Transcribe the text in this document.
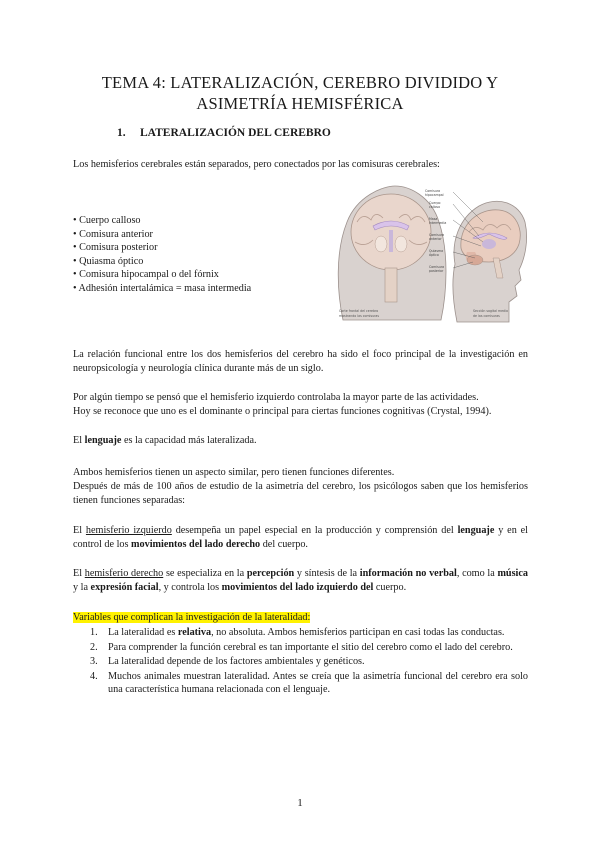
TEMA 4: LATERALIZACIÓN, CEREBRO DIVIDIDO Y
ASIMETRÍA HEMISFÉRICA
1. LATERALIZACIÓN DEL CEREBRO
Los hemisferios cerebrales están separados, pero conectados por las comisuras cerebrales:
• Cuerpo calloso
• Comisura anterior
• Comisura posterior
• Quiasma óptico
• Comisura hipocampal o del fórnix
• Adhesión intertalámica = masa intermedia
Corte frontal del cerebro
mostrando las comisuras
Comisura
hipocampal
Cuerpo
calloso
Masa
intermedia
Comisura
anterior
Quiasma
óptico
Comisura
posterior
Sección sagital media
de las comisuras
La relación funcional entre los dos hemisferios del cerebro ha sido el foco principal de la investigación en neuropsicología y neurología clínica durante más de un siglo.
Por algún tiempo se pensó que el hemisferio izquierdo controlaba la mayor parte de las actividades.
Hoy se reconoce que uno es el dominante o principal para ciertas funciones cognitivas (Crystal, 1994).
El lenguaje es la capacidad más lateralizada.
Ambos hemisferios tienen un aspecto similar, pero tienen funciones diferentes.
Después de más de 100 años de estudio de la asimetría del cerebro, los psicólogos saben que los hemisferios tienen funciones separadas:
El hemisferio izquierdo desempeña un papel especial en la producción y comprensión del lenguaje y en el control de los movimientos del lado derecho del cuerpo.
El hemisferio derecho se especializa en la percepción y síntesis de la información no verbal, como la música y la expresión facial, y controla los movimientos del lado izquierdo del cuerpo.
Variables que complican la investigación de la lateralidad:
1. La lateralidad es relativa, no absoluta. Ambos hemisferios participan en casi todas las conductas.
2. Para comprender la función cerebral es tan importante el sitio del cerebro como el lado del cerebro.
3. La lateralidad depende de los factores ambientales y genéticos.
4. Muchos animales muestran lateralidad. Antes se creía que la asimetría funcional del cerebro era solo una característica humana relacionada con el lenguaje.
1
